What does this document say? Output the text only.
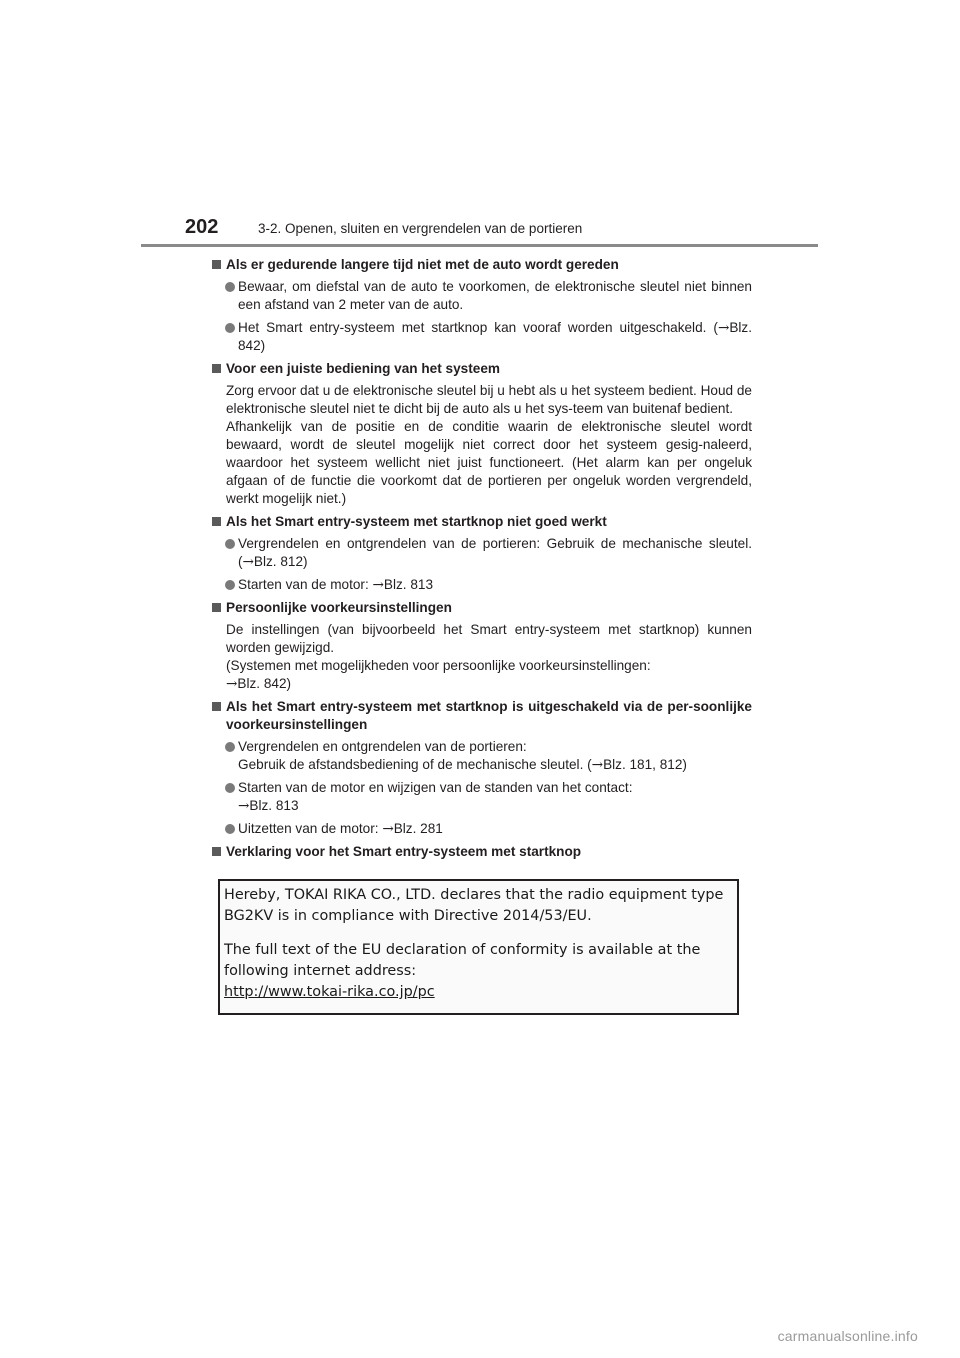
202	3-2. Openen, sluiten en vergrendelen van de portieren
Als er gedurende langere tijd niet met de auto wordt gereden
Bewaar, om diefstal van de auto te voorkomen, de elektronische sleutel niet binnen een afstand van 2 meter van de auto.
Het Smart entry-systeem met startknop kan vooraf worden uitgeschakeld. (→Blz. 842)
Voor een juiste bediening van het systeem
Zorg ervoor dat u de elektronische sleutel bij u hebt als u het systeem bedient. Houd de elektronische sleutel niet te dicht bij de auto als u het sys-teem van buitenaf bedient.
Afhankelijk van de positie en de conditie waarin de elektronische sleutel wordt bewaard, wordt de sleutel mogelijk niet correct door het systeem gesig-naleerd, waardoor het systeem wellicht niet juist functioneert. (Het alarm kan per ongeluk afgaan of de functie die voorkomt dat de portieren per ongeluk worden vergrendeld, werkt mogelijk niet.)
Als het Smart entry-systeem met startknop niet goed werkt
Vergrendelen en ontgrendelen van de portieren: Gebruik de mechanische sleutel. (→Blz. 812)
Starten van de motor: →Blz. 813
Persoonlijke voorkeursinstellingen
De instellingen (van bijvoorbeeld het Smart entry-systeem met startknop) kunnen worden gewijzigd.
(Systemen met mogelijkheden voor persoonlijke voorkeursinstellingen:
→Blz. 842)
Als het Smart entry-systeem met startknop is uitgeschakeld via de per-soonlijke voorkeursinstellingen
Vergrendelen en ontgrendelen van de portieren:
Gebruik de afstandsbediening of de mechanische sleutel. (→Blz. 181, 812)
Starten van de motor en wijzigen van de standen van het contact:
→Blz. 813
Uitzetten van de motor: →Blz. 281
Verklaring voor het Smart entry-systeem met startknop
Hereby, TOKAI RIKA CO., LTD. declares that the radio equipment type
BG2KV is in compliance with Directive 2014/53/EU.
The full text of the EU declaration of conformity is available at the
following internet address:
http://www.tokai-rika.co.jp/pc
carmanualsonline.info
